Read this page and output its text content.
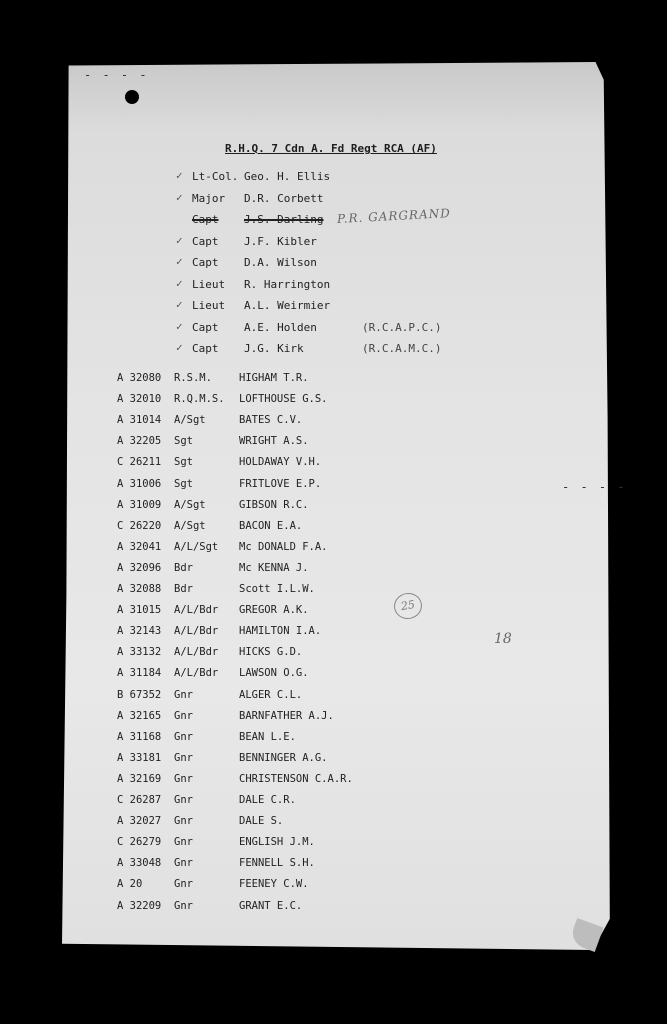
- - - -
- - - -
R.H.Q. 7 Cdn A. Fd Regt RCA (AF)
✓ Lt-Col. Geo. H. Ellis
✓ Major D.R. Corbett
Capt J.S. Darling
✓ Capt J.F. Kibler
✓ Capt D.A. Wilson
✓ Lieut R. Harrington
✓ Lieut A.L. Weirmier
✓ Capt A.E. Holden	(R.C.A.P.C.)
✓ Capt J.G. Kirk	(R.C.A.M.C.)
P.R. GARGRAND
A 32080 R.S.M.	HIGHAM T.R.
A 32010 R.Q.M.S. LOFTHOUSE G.S.
A 31014 A/Sgt	BATES C.V.
A 32205 Sgt	WRIGHT A.S.
C 26211 Sgt	HOLDAWAY V.H.
A 31006 Sgt	FRITLOVE E.P.
A 31009 A/Sgt	GIBSON R.C.
C 26220 A/Sgt	BACON E.A.
A 32041 A/L/Sgt Mc DONALD F.A.
A 32096 Bdr	Mc KENNA J.
A 32088 Bdr	Scott I.L.W.
A 31015 A/L/Bdr GREGOR A.K.
A 32143 A/L/Bdr HAMILTON I.A.
A 33132 A/L/Bdr HICKS G.D.
A 31184 A/L/Bdr LAWSON O.G.
B 67352 Gnr	ALGER C.L.
A 32165 Gnr	BARNFATHER A.J.
A 31168 Gnr	BEAN L.E.
A 33181 Gnr	BENNINGER A.G.
A 32169 Gnr	CHRISTENSON C.A.R.
C 26287 Gnr	DALE C.R.
A 32027 Gnr	DALE S.
C 26279 Gnr	ENGLISH J.M.
A 33048 Gnr	FENNELL S.H.
A 20	Gnr	FEENEY C.W.
A 32209 Gnr	GRANT E.C.
25
18
